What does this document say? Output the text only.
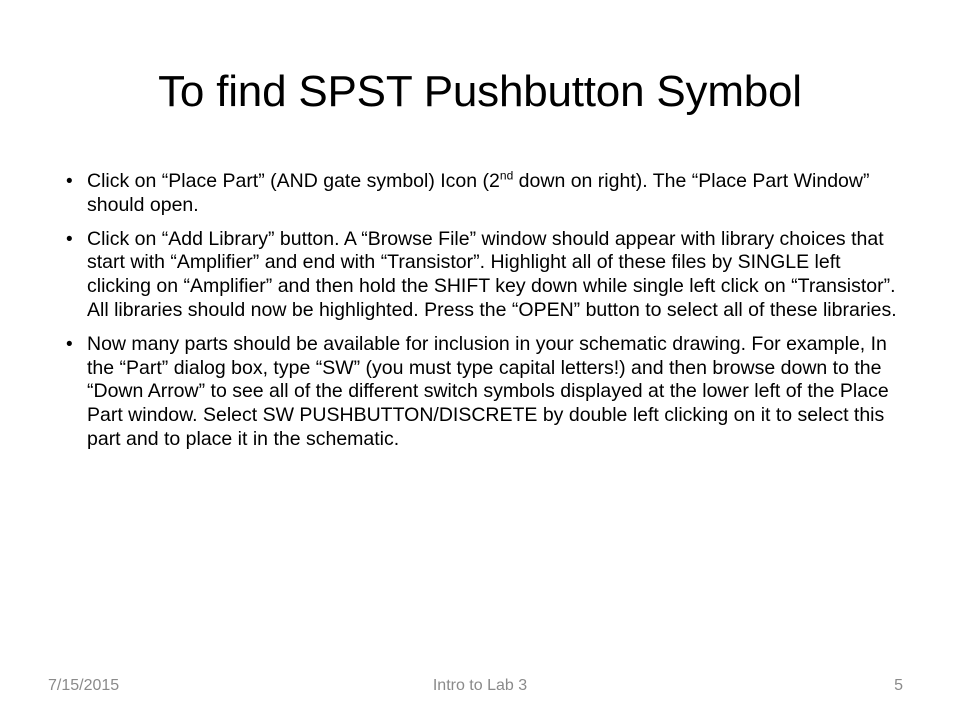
To find SPST Pushbutton Symbol
• Click on “Place Part” (AND gate symbol) Icon (2nd down on right). The “Place Part Window” should open.
• Click on “Add Library” button. A “Browse File” window should appear with library choices that start with “Amplifier” and end with “Transistor”. Highlight all of these files by SINGLE left clicking on “Amplifier” and then hold the SHIFT key down while single left click on “Transistor”. All libraries should now be highlighted. Press the “OPEN” button to select all of these libraries.
• Now many parts should be available for inclusion in your schematic drawing. For example, In the “Part” dialog box, type “SW” (you must type capital letters!) and then browse down to the “Down Arrow” to see all of the different switch symbols displayed at the lower left of the Place Part window. Select SW PUSHBUTTON/DISCRETE by double left clicking on it to select this part and to place it in the schematic.
7/15/2015	Intro to Lab 3	5
